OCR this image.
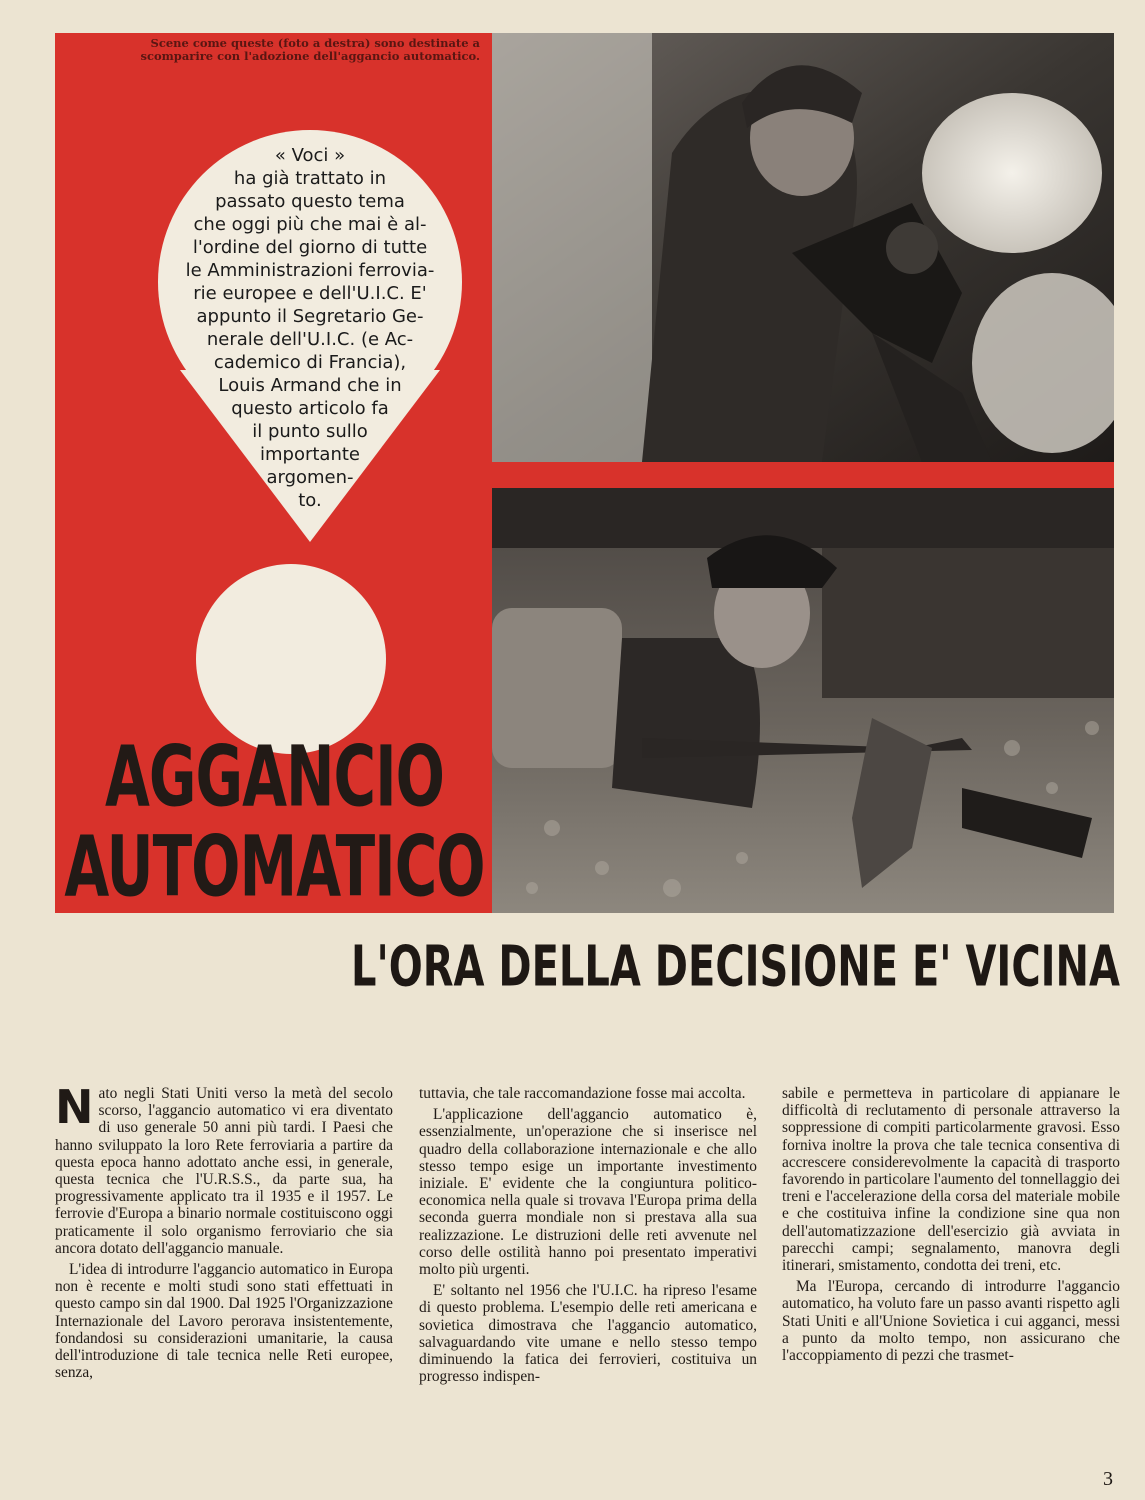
Scene come queste (foto a destra) sono destinate a scomparire con l'adozione dell'aggancio automatico.
« Voci »
ha già trattato in
passato questo tema
che oggi più che mai è al-
l'ordine del giorno di tutte
le Amministrazioni ferrovia-
rie europee e dell'U.I.C. E'
appunto il Segretario Ge-
nerale dell'U.I.C. (e Ac-
cademico di Francia),
Louis Armand che in
questo articolo fa
il punto sullo
importante
argomen-
to.
AGGANCIO
AUTOMATICO
L'ORA DELLA DECISIONE E' VICINA

Nato negli Stati Uniti verso la metà del secolo scorso, l'aggancio automatico vi era diventato di uso generale 50 anni più tardi. I Paesi che hanno sviluppato la loro Rete ferroviaria a partire da questa epoca hanno adottato anche essi, in generale, questa tecnica che l'U.R.S.S., da parte sua, ha progressivamente applicato tra il 1935 e il 1957. Le ferrovie d'Europa a binario normale costituiscono oggi praticamente il solo organismo ferroviario che sia ancora dotato dell'aggancio manuale.

L'idea di introdurre l'aggancio automatico in Europa non è recente e molti studi sono stati effettuati in questo campo sin dal 1900. Dal 1925 l'Organizzazione Internazionale del Lavoro perorava insistentemente, fondandosi su considerazioni umanitarie, la causa dell'introduzione di tale tecnica nelle Reti europee, senza,

tuttavia, che tale raccomandazione fosse mai accolta.

L'applicazione dell'aggancio automatico è, essenzialmente, un'operazione che si inserisce nel quadro della collaborazione internazionale e che allo stesso tempo esige un importante investimento iniziale. E' evidente che la congiuntura politico-economica nella quale si trovava l'Europa prima della seconda guerra mondiale non si prestava alla sua realizzazione. Le distruzioni delle reti avvenute nel corso delle ostilità hanno poi presentato imperativi molto più urgenti.

E' soltanto nel 1956 che l'U.I.C. ha ripreso l'esame di questo problema. L'esempio delle reti americana e sovietica dimostrava che l'aggancio automatico, salvaguardando vite umane e nello stesso tempo diminuendo la fatica dei ferrovieri, costituiva un progresso indispen-

sabile e permetteva in particolare di appianare le difficoltà di reclutamento di personale attraverso la soppressione di compiti particolarmente gravosi. Esso forniva inoltre la prova che tale tecnica consentiva di accrescere considerevolmente la capacità di trasporto favorendo in particolare l'aumento del tonnellaggio dei treni e l'accelerazione della corsa del materiale mobile e che costituiva infine la condizione sine qua non dell'automatizzazione dell'esercizio già avviata in parecchi campi; segnalamento, manovra degli itinerari, smistamento, condotta dei treni, etc.

Ma l'Europa, cercando di introdurre l'aggancio automatico, ha voluto fare un passo avanti rispetto agli Stati Uniti e all'Unione Sovietica i cui agganci, messi a punto da molto tempo, non assicurano che l'accoppiamento di pezzi che trasmet-

3
